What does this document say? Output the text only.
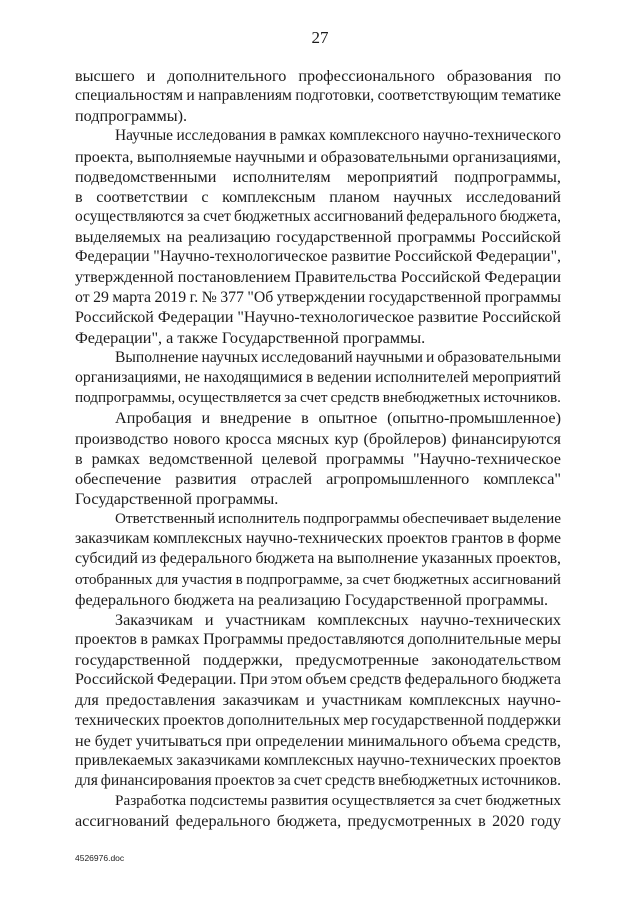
27
высшего и дополнительного профессионального образования по
специальностям и направлениям подготовки, соответствующим тематике
подпрограммы).
Научные исследования в рамках комплексного научно-технического
проекта, выполняемые научными и образовательными организациями,
подведомственными исполнителям мероприятий подпрограммы,
в соответствии с комплексным планом научных исследований
осуществляются за счет бюджетных ассигнований федерального бюджета,
выделяемых на реализацию государственной программы Российской
Федерации "Научно-технологическое развитие Российской Федерации",
утвержденной постановлением Правительства Российской Федерации
от 29 марта 2019 г. № 377 "Об утверждении государственной программы
Российской Федерации "Научно-технологическое развитие Российской
Федерации", а также Государственной программы.
Выполнение научных исследований научными и образовательными
организациями, не находящимися в ведении исполнителей мероприятий
подпрограммы, осуществляется за счет средств внебюджетных источников.
Апробация и внедрение в опытное (опытно-промышленное)
производство нового кросса мясных кур (бройлеров) финансируются
в рамках ведомственной целевой программы "Научно-техническое
обеспечение развития отраслей агропромышленного комплекса"
Государственной программы.
Ответственный исполнитель подпрограммы обеспечивает выделение
заказчикам комплексных научно-технических проектов грантов в форме
субсидий из федерального бюджета на выполнение указанных проектов,
отобранных для участия в подпрограмме, за счет бюджетных ассигнований
федерального бюджета на реализацию Государственной программы.
Заказчикам и участникам комплексных научно-технических
проектов в рамках Программы предоставляются дополнительные меры
государственной поддержки, предусмотренные законодательством
Российской Федерации. При этом объем средств федерального бюджета
для предоставления заказчикам и участникам комплексных научно-
технических проектов дополнительных мер государственной поддержки
не будет учитываться при определении минимального объема средств,
привлекаемых заказчиками комплексных научно-технических проектов
для финансирования проектов за счет средств внебюджетных источников.
Разработка подсистемы развития осуществляется за счет бюджетных
ассигнований федерального бюджета, предусмотренных в 2020 году
4526976.doc
